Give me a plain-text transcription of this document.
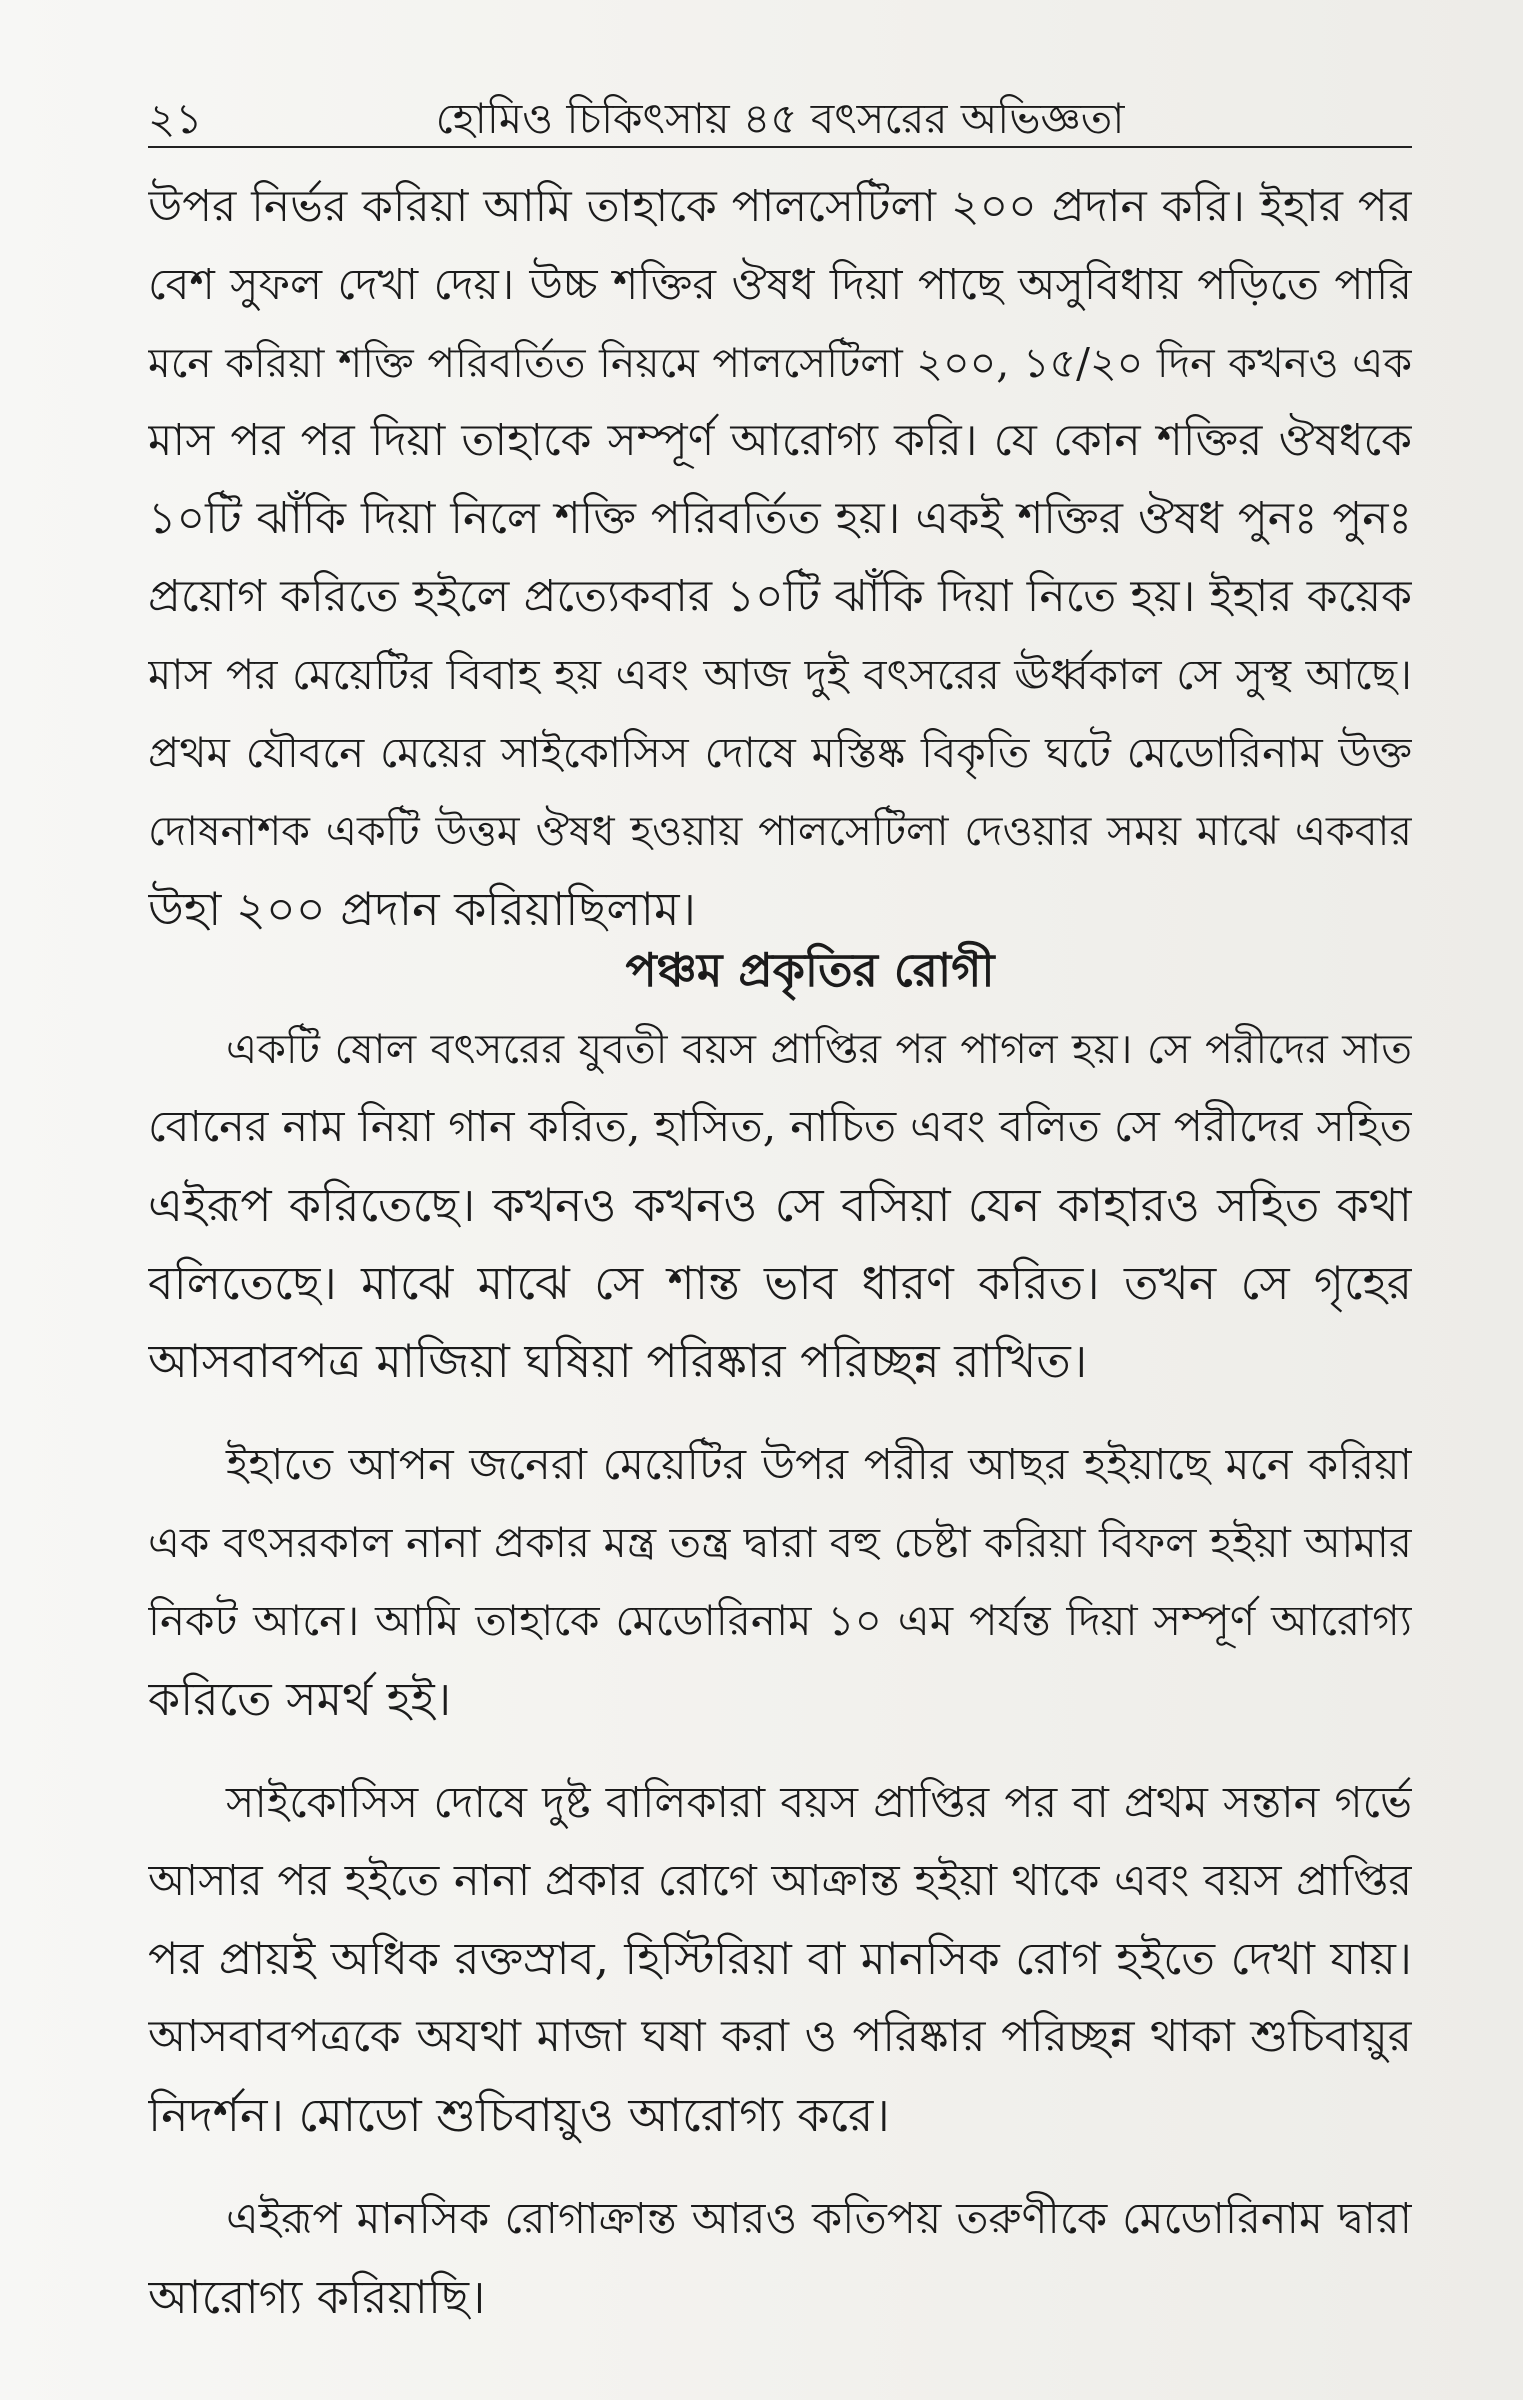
২১	হোমিও চিকিৎসায় ৪৫ বৎসরের অভিজ্ঞতা
উপর নির্ভর করিয়া আমি তাহাকে পালসেটিলা ২০০ প্রদান করি। ইহার পর
বেশ সুফল দেখা দেয়। উচ্চ শক্তির ঔষধ দিয়া পাছে অসুবিধায় পড়িতে পারি
মনে করিয়া শক্তি পরিবর্তিত নিয়মে পালসেটিলা ২০০, ১৫/২০ দিন কখনও এক
মাস পর পর দিয়া তাহাকে সম্পূর্ণ আরোগ্য করি। যে কোন শক্তির ঔষধকে
১০টি ঝাঁকি দিয়া নিলে শক্তি পরিবর্তিত হয়। একই শক্তির ঔষধ পুনঃ পুনঃ
প্রয়োগ করিতে হইলে প্রত্যেকবার ১০টি ঝাঁকি দিয়া নিতে হয়। ইহার কয়েক
মাস পর মেয়েটির বিবাহ হয় এবং আজ দুই বৎসরের ঊর্ধ্বকাল সে সুস্থ আছে।
প্রথম যৌবনে মেয়ের সাইকোসিস দোষে মস্তিষ্ক বিকৃতি ঘটে মেডোরিনাম উক্ত
দোষনাশক একটি উত্তম ঔষধ হওয়ায় পালসেটিলা দেওয়ার সময় মাঝে একবার
উহা ২০০ প্রদান করিয়াছিলাম।
পঞ্চম প্রকৃতির রোগী
একটি ষোল বৎসরের যুবতী বয়স প্রাপ্তির পর পাগল হয়। সে পরীদের সাত
বোনের নাম নিয়া গান করিত, হাসিত, নাচিত এবং বলিত সে পরীদের সহিত
এইরূপ করিতেছে। কখনও কখনও সে বসিয়া যেন কাহারও সহিত কথা
বলিতেছে। মাঝে মাঝে সে শান্ত ভাব ধারণ করিত। তখন সে গৃহের
আসবাবপত্র মাজিয়া ঘষিয়া পরিষ্কার পরিচ্ছন্ন রাখিত।
ইহাতে আপন জনেরা মেয়েটির উপর পরীর আছর হইয়াছে মনে করিয়া
এক বৎসরকাল নানা প্রকার মন্ত্র তন্ত্র দ্বারা বহু চেষ্টা করিয়া বিফল হইয়া আমার
নিকট আনে। আমি তাহাকে মেডোরিনাম ১০ এম পর্যন্ত দিয়া সম্পূর্ণ আরোগ্য
করিতে সমর্থ হই।
সাইকোসিস দোষে দুষ্ট বালিকারা বয়স প্রাপ্তির পর বা প্রথম সন্তান গর্ভে
আসার পর হইতে নানা প্রকার রোগে আক্রান্ত হইয়া থাকে এবং বয়স প্রাপ্তির
পর প্রায়ই অধিক রক্তস্রাব, হিস্টিরিয়া বা মানসিক রোগ হইতে দেখা যায়।
আসবাবপত্রকে অযথা মাজা ঘষা করা ও পরিষ্কার পরিচ্ছন্ন থাকা শুচিবায়ুর
নিদর্শন। মোডো শুচিবায়ুও আরোগ্য করে।
এইরূপ মানসিক রোগাক্রান্ত আরও কতিপয় তরুণীকে মেডোরিনাম দ্বারা
আরোগ্য করিয়াছি।
